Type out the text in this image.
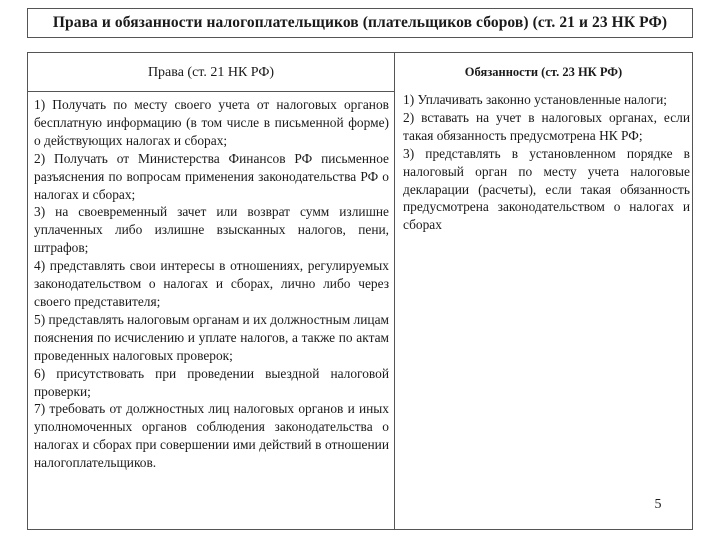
Права и обязанности налогоплательщиков (плательщиков сборов) (ст. 21 и 23 НК РФ)
Права (ст. 21 НК РФ)	Обязанности (ст. 23 НК РФ)

1) Получать по месту своего учета от налоговых органов бесплатную информацию (в том числе в письменной форме) о действующих налогах и сборах;

2) Получать от Министерства Финансов РФ письменное разъяснения по вопросам применения законодательства РФ о налогах и сборах;

3) на своевременный зачет или возврат сумм излишне уплаченных либо излишне взысканных налогов, пени, штрафов;

4) представлять свои интересы в отношениях, регулируемых законодательством о налогах и сборах, лично либо через своего представителя;

5) представлять налоговым органам и их должностным лицам пояснения по исчислению и уплате налогов, а также по актам проведенных налоговых проверок;

6) присутствовать при проведении выездной налоговой проверки;

7) требовать от должностных лиц налоговых органов и иных уполномоченных органов соблюдения законодательства о налогах и сборах при совершении ими действий в отношении налогоплательщиков.

1) Уплачивать законно установленные налоги;

2) вставать на учет в налоговых органах, если такая обязанность предусмотрена НК РФ;

3) представлять в установленном порядке в налоговый орган по месту учета налоговые декларации (расчеты), если такая обязанность предусмотрена законодательством о налогах и сборах

5
